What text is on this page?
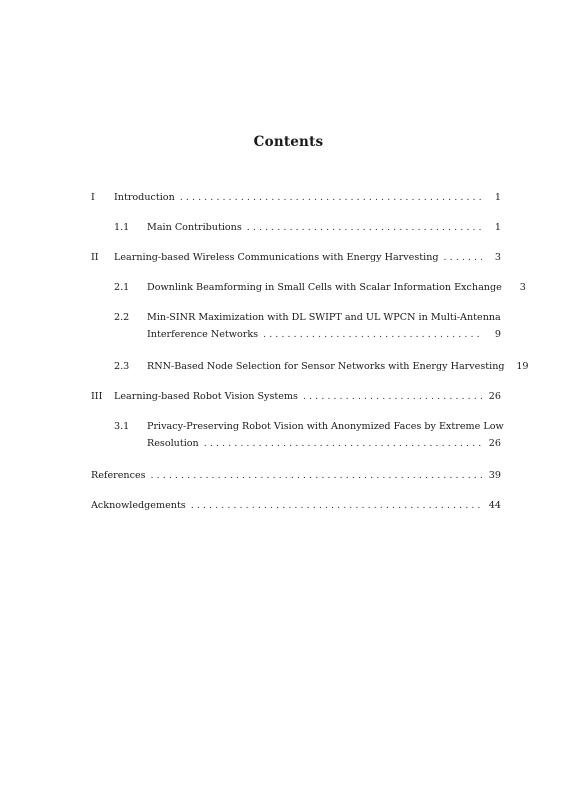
Contents
I Introduction . . .	1
1.1 Main Contributions . . .	1
II Learning-based Wireless Communications with Energy Harvesting . . .	3
2.1 Downlink Beamforming in Small Cells with Scalar Information Exchange	3
2.2 Min-SINR Maximization with DL SWIPT and UL WPCN in Multi-Antenna
Interference Networks . . .	9
2.3 RNN-Based Node Selection for Sensor Networks with Energy Harvesting 19
III Learning-based Robot Vision Systems . . .	26
3.1 Privacy-Preserving Robot Vision with Anonymized Faces by Extreme Low
Resolution . . .	26
References . . .	39
Acknowledgements . . .	44
